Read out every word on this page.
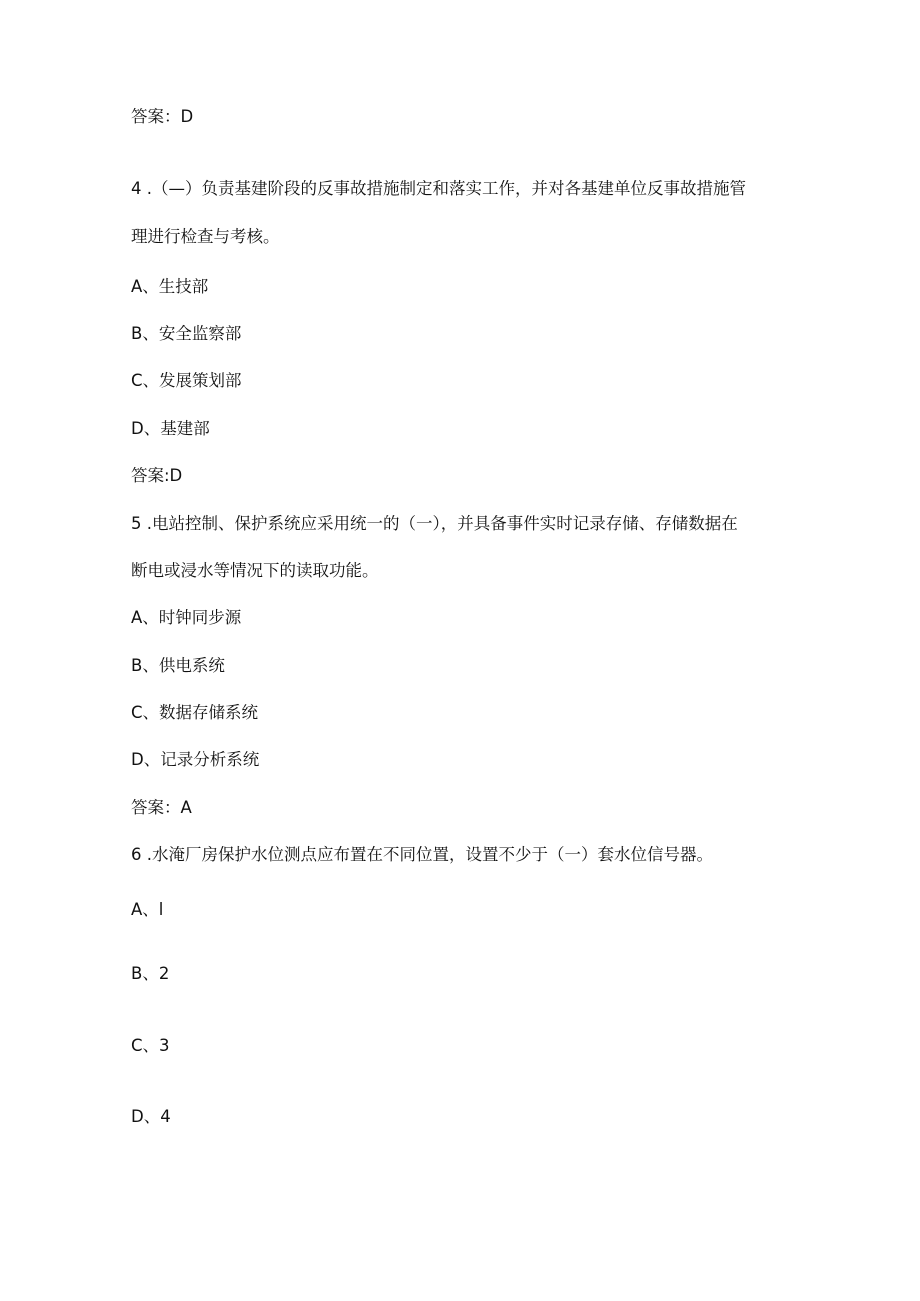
答案：D
4 .（—）负责基建阶段的反事故措施制定和落实工作，并对各基建单位反事故措施管
理进行检查与考核。
A、生技部
B、安全监察部
C、发展策划部
D、基建部
答案:D
5 .电站控制、保护系统应采用统一的（一），并具备事件实时记录存储、存储数据在
断电或浸水等情况下的读取功能。
A、时钟同步源
B、供电系统
C、数据存储系统
D、记录分析系统
答案：A
6 .水淹厂房保护水位测点应布置在不同位置，设置不少于（一）套水位信号器。
A、l
B、2
C、3
D、4
